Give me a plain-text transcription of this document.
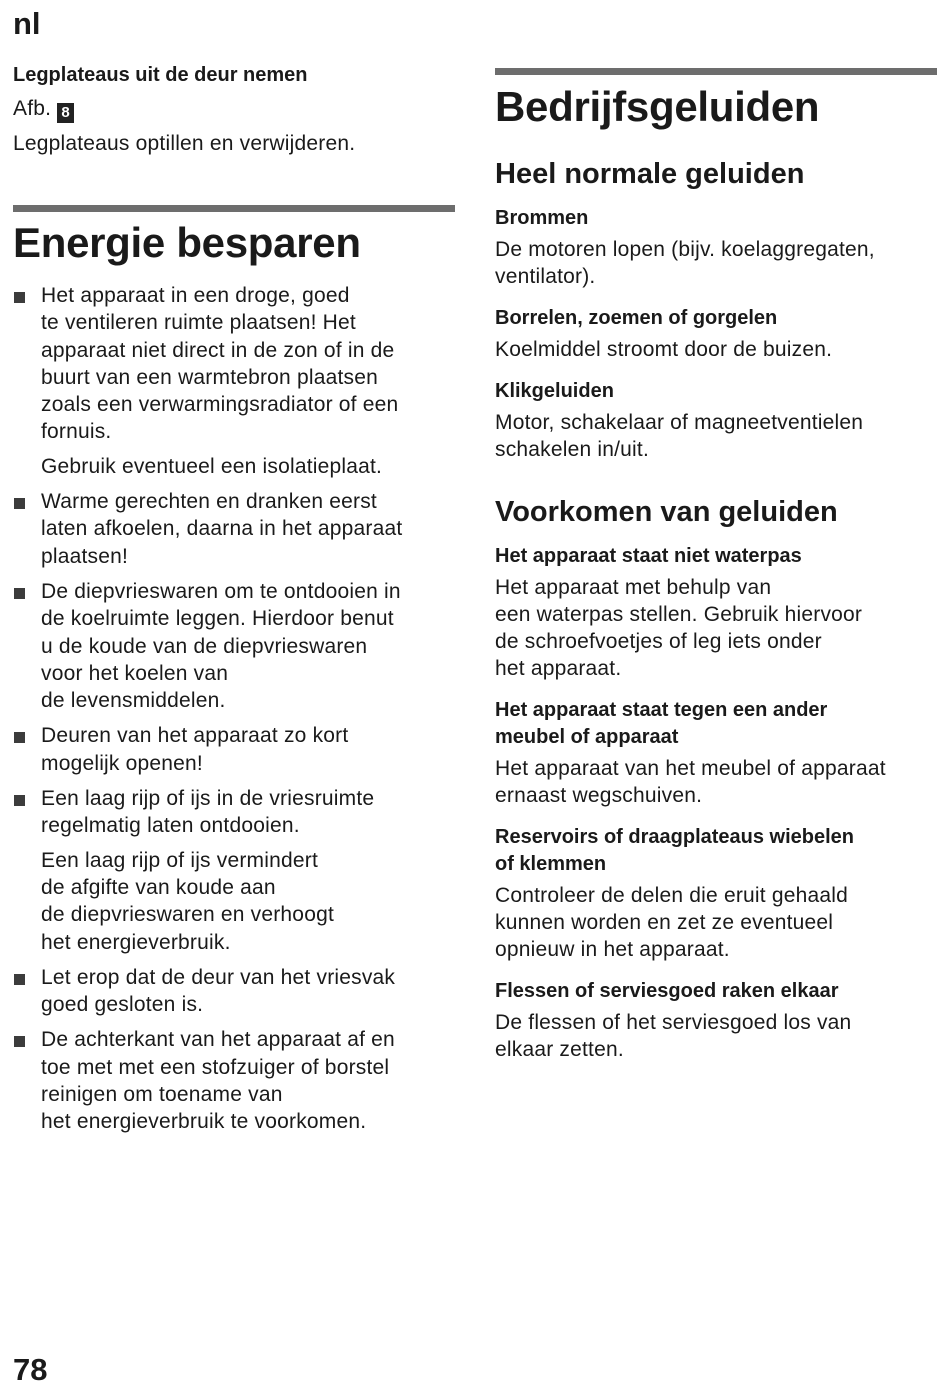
nl

Legplateaus uit de deur nemen

Afb. 8

Legplateaus optillen en verwijderen.

Energie besparen

Het apparaat in een droge, goed
te ventileren ruimte plaatsen! Het
apparaat niet direct in de zon of in de
buurt van een warmtebron plaatsen
zoals een verwarmingsradiator of een
fornuis.
Gebruik eventueel een isolatieplaat.
Warme gerechten en dranken eerst
laten afkoelen, daarna in het apparaat
plaatsen!
De diepvrieswaren om te ontdooien in
de koelruimte leggen. Hierdoor benut
u de koude van de diepvrieswaren
voor het koelen van
de levensmiddelen.
Deuren van het apparaat zo kort
mogelijk openen!
Een laag rijp of ijs in de vriesruimte
regelmatig laten ontdooien.
Een laag rijp of ijs vermindert
de afgifte van koude aan
de diepvrieswaren en verhoogt
het energieverbruik.
Let erop dat de deur van het vriesvak
goed gesloten is.
De achterkant van het apparaat af en
toe met met een stofzuiger of borstel
reinigen om toename van
het energieverbruik te voorkomen.

Bedrijfsgeluiden

Heel normale geluiden

Brommen

De motoren lopen (bijv. koelaggregaten,
ventilator).

Borrelen, zoemen of gorgelen

Koelmiddel stroomt door de buizen.

Klikgeluiden

Motor, schakelaar of magneetventielen
schakelen in/uit.

Voorkomen van geluiden

Het apparaat staat niet waterpas

Het apparaat met behulp van
een waterpas stellen. Gebruik hiervoor
de schroefvoetjes of leg iets onder
het apparaat.

Het apparaat staat tegen een ander
meubel of apparaat

Het apparaat van het meubel of apparaat
ernaast wegschuiven.

Reservoirs of draagplateaus wiebelen
of klemmen

Controleer de delen die eruit gehaald
kunnen worden en zet ze eventueel
opnieuw in het apparaat.

Flessen of serviesgoed raken elkaar

De flessen of het serviesgoed los van
elkaar zetten.

78
